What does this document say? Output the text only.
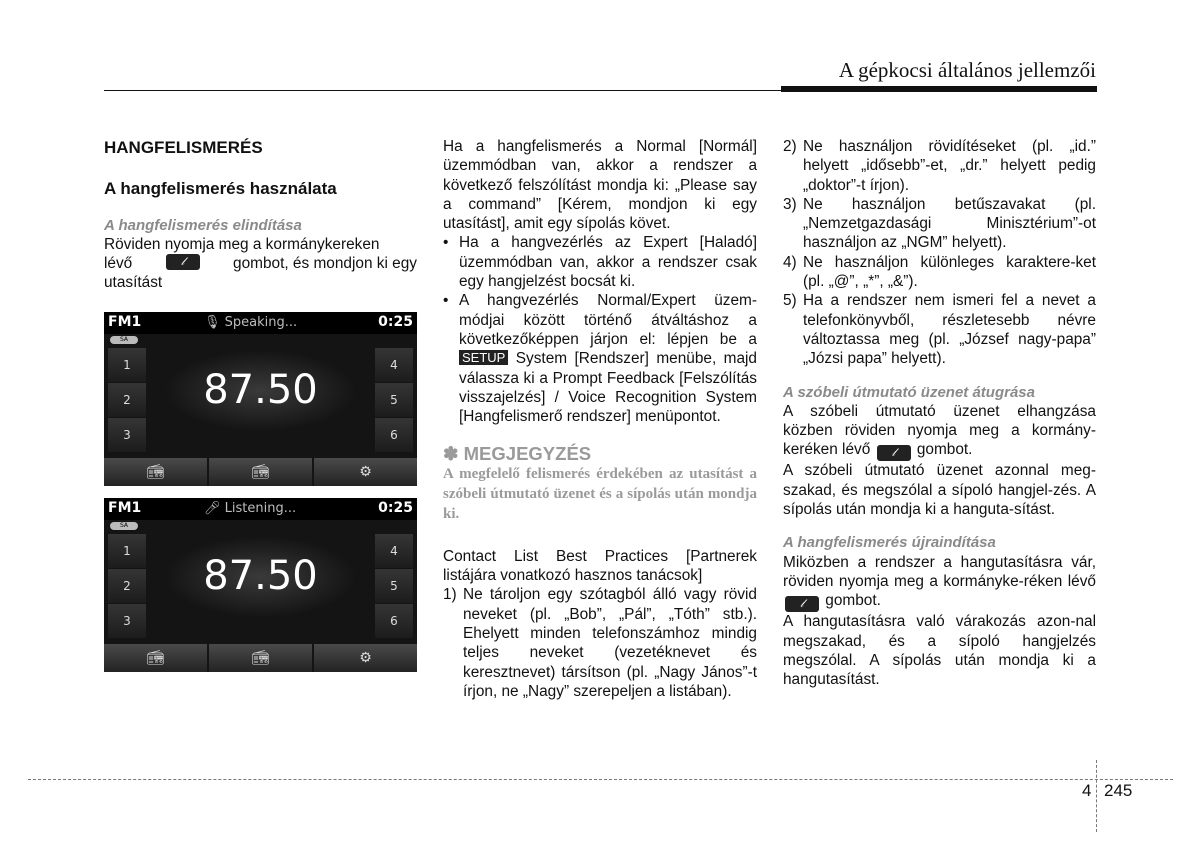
A gépkocsi általános jellemzői

HANGFELISMERÉS

A hangfelismerés használata

A hangfelismerés elindítása

Röviden nyomja meg a kormánykereken

lévő	𝓁	gombot, és mondjon ki egy

utasítást

FM1	🎙︎ Speaking...	0:25
SA
1
2
3
4
5
6
87.50
📻︎	📻︎	⚙
FM1	🎤︎ Listening...	0:25
SA
1
2
3
4
5
6
87.50
📻︎	📻︎	⚙

Ha a hangfelismerés a Normal [Normál] üzemmódban van, akkor a rendszer a következő felszólítást mondja ki: „Please say a command” [Kérem, mondjon ki egy utasítást], amit egy sípolás követ.

• Ha a hangvezérlés az Expert [Haladó] üzemmódban van, akkor a rendszer csak egy hangjelzést bocsát ki.
• A hangvezérlés Normal/Expert üzem-módjai között történő átváltáshoz a következőképpen járjon el: lépjen be a SETUP System [Rendszer] menübe, majd válassza ki a Prompt Feedback [Felszólítás visszajelzés] / Voice Recognition System [Hangfelismerő rendszer] menüpontot.

✽ MEGJEGYZÉS

A megfelelő felismerés érdekében az utasítást a szóbeli útmutató üzenet és a sípolás után mondja ki.

Contact List Best Practices [Partnerek listájára vonatkozó hasznos tanácsok]

1) Ne tároljon egy szótagból álló vagy rövid neveket (pl. „Bob”, „Pál”, „Tóth” stb.). Ehelyett minden telefonszámhoz mindig teljes neveket (vezetéknevet és keresztnevet) társítson (pl. „Nagy János”-t írjon, ne „Nagy” szerepeljen a listában).
2) Ne használjon rövidítéseket (pl. „id.” helyett „idősebb”-et, „dr.” helyett pedig „doktor”-t írjon).
3) Ne használjon betűszavakat (pl. „Nemzetgazdasági Minisztérium”-ot használjon az „NGM” helyett).
4) Ne használjon különleges karaktere-ket (pl. „@”, „*”, „&”).
5) Ha a rendszer nem ismeri fel a nevet a telefonkönyvből, részletesebb névre változtassa meg (pl. „József nagy-papa” „Józsi papa” helyett).

A szóbeli útmutató üzenet átugrása

A szóbeli útmutató üzenet elhangzása közben röviden nyomja meg a kormány-keréken lévő 𝓁 gombot.

A szóbeli útmutató üzenet azonnal meg-szakad, és megszólal a sípoló hangjel-zés. A sípolás után mondja ki a hanguta-sítást.

A hangfelismerés újraindítása

Miközben a rendszer a hangutasításra vár, röviden nyomja meg a kormányke-réken lévő 𝓁 gombot.

A hangutasításra való várakozás azon-nal megszakad, és a sípoló hangjelzés megszólal. A sípolás után mondja ki a hangutasítást.

4 245
